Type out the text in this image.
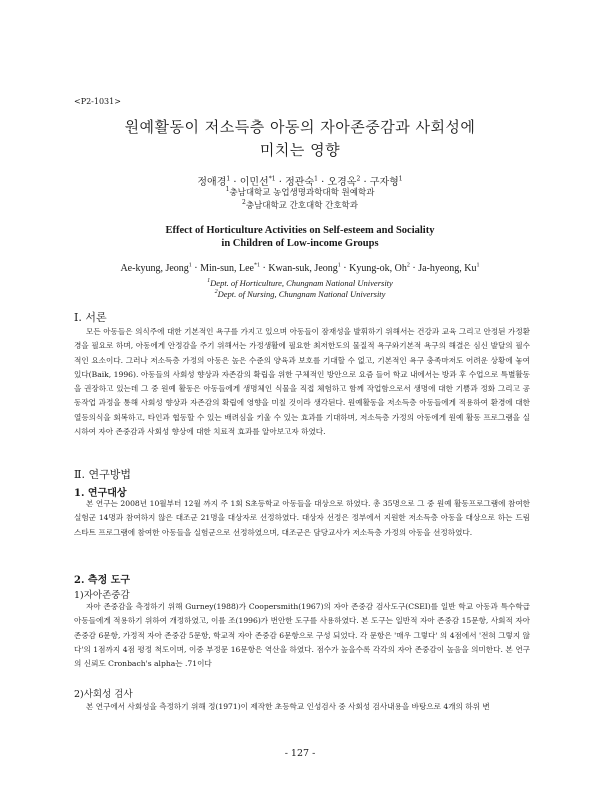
<P2-1031>
원예활동이 저소득층 아동의 자아존중감과 사회성에
미치는 영향
정애경$^1$ · 이민선$^{*1}$ · 정관숙$^1$ · 오경옥$^2$ · 구자형$^1$
$^1$충남대학교 농업생명과학대학 원예학과
$^2$충남대학교 간호대학 간호학과
Effect of Horticulture Activities on Self-esteem and Sociality
in Children of Low-income Groups
Ae-kyung, Jeong$^1$ · Min-sun, Lee$^{*1}$ · Kwan-suk, Jeong$^1$ · Kyung-ok, $Oh^2$ · Ja-hyeong, Ku$^1$
$^1$Dept. of Horticulture, Chungnam National University
$^2$Dept. of Nursing, Chungnam National University
Ⅰ. 서론
모든 아동들은 의식주에 대한 기본적인 욕구를 가지고 있으며 아동들이 잠재성을 발휘하기 위해서는 건강과 교육 그리고 안정된 가정환경을 필요로 하며, 아동에게 안정감을 주기 위해서는 가정생활에 필요한 최저한도의 물질적 욕구와기본적 욕구의 해결은 심신 발달의 필수적인 요소이다. 그러나 저소득층 가정의 아동은 높은 수준의 양육과 보호를 기대할 수 없고, 기본적인 욕구 충족마저도 어려운 상황에 놓여있다(Baik, 1996). 아동들의 사회성 향상과 자존감의 확립을 위한 구체적인 방안으로 요즘 들어 학교 내에서는 방과 후 수업으로 특별활동을 권장하고 있는데 그 중 원예 활동은 아동들에게 생명체인 식물을 직접 체험하고 함께 작업함으로서 생명에 대한 기쁨과 정화 그리고 공동작업 과정을 통해 사회성 향상과 자존감의 확립에 영향을 미칠 것이라 생각된다. 원예활동을 저소득층 아동들에게 적용하여 환경에 대한 열등의식을 회복하고, 타인과 협동할 수 있는 배려심을 키울 수 있는 효과를 기대하며, 저소득층 가정의 아동에게 원예 활동 프로그램을 실시하여 자아 존중감과 사회성 향상에 대한 치료적 효과를 알아보고자 하였다.
Ⅱ. 연구방법
1. 연구대상
본 연구는 2008년 10월부터 12월 까지 주 1회 S초등학교 아동들을 대상으로 하였다. 총 35명으로 그 중 원예 활동프로그램에 참여한 실험군 14명과 참여하지 않은 대조군 21명을 대상자로 선정하였다. 대상자 선정은 정부에서 지원한 저소득층 아동을 대상으로 하는 드림스타트 프로그램에 참여한 아동들을 실험군으로 선정하였으며, 대조군은 담당교사가 저소득층 가정의 아동을 선정하였다.
2. 측정 도구
1)자아존중감
자아 존중감을 측정하기 위해 Gurney(1988)가 Coopersmith(1967)의 자아 존중감 검사도구(CSEI)를 일반 학교 아동과 특수학급 아동들에게 적용하기 위하여 개정하였고, 이를 조(1996)가 번안한 도구를 사용하였다. 본 도구는 일반적 자아 존중감 15문항, 사회적 자아 존중감 6문항, 가정적 자아 존중감 5문항, 학교적 자아 존중감 6문항으로 구성 되었다. 각 문항은 '매우 그렇다' 의 4점에서 '전혀 그렇지 않다'의 1점까지 4점 평정 척도이며, 이중 부정문 16문항은 역산을 하였다. 점수가 높을수록 각각의 자아 존중감이 높음을 의미한다. 본 연구의 신뢰도 Cronbach's alpha는 .71이다
2)사회성 검사
본 연구에서 사회성을 측정하기 위해 정(1971)이 제작한 초등학교 인성검사 중 사회성 검사내용을 바탕으로 4개의 하위 변
- 127 -
